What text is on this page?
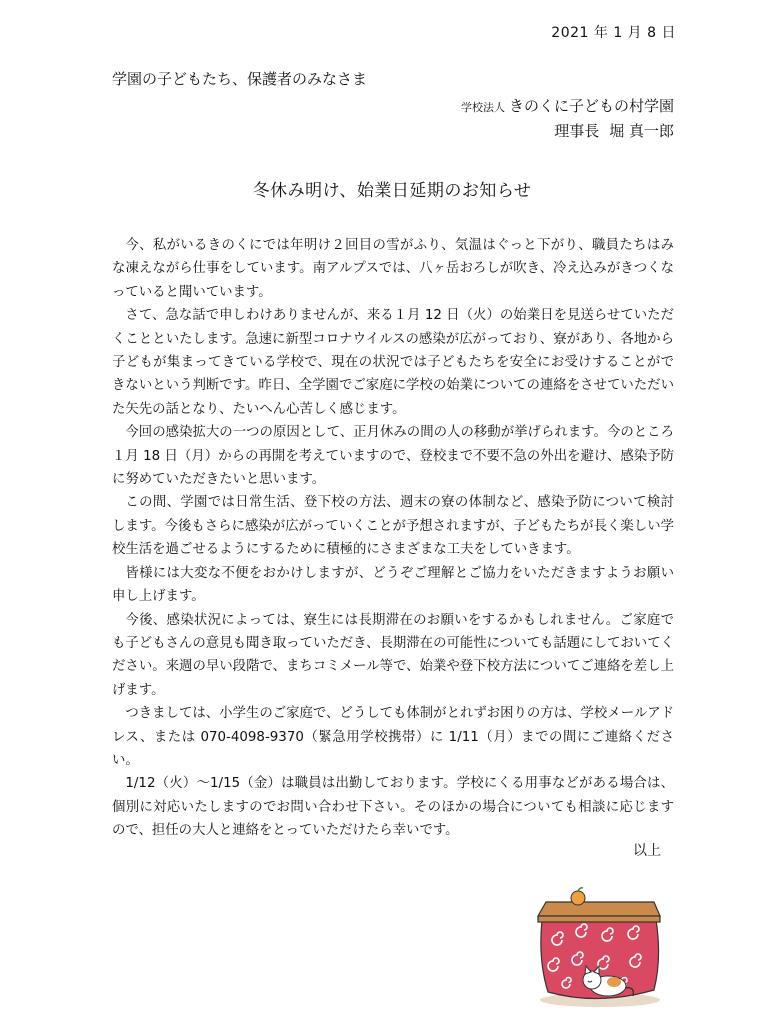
2021 年 1 月 8 日
学園の子どもたち、保護者のみなさま
学校法人 きのくに子どもの村学園
理事長 堀 真一郎
冬休み明け、始業日延期のお知らせ

今、私がいるきのくにでは年明け２回目の雪がふり、気温はぐっと下がり、職員たちはみな凍えながら仕事をしています。南アルプスでは、八ヶ岳おろしが吹き、冷え込みがきつくなっていると聞いています。

さて、急な話で申しわけありませんが、来る１月 12 日（火）の始業日を見送らせていただくことといたします。急速に新型コロナウイルスの感染が広がっており、寮があり、各地から子どもが集まってきている学校で、現在の状況では子どもたちを安全にお受けすることができないという判断です。昨日、全学園でご家庭に学校の始業についての連絡をさせていただいた矢先の話となり、たいへん心苦しく感じます。

今回の感染拡大の一つの原因として、正月休みの間の人の移動が挙げられます。今のところ１月 18 日（月）からの再開を考えていますので、登校まで不要不急の外出を避け、感染予防に努めていただきたいと思います。

この間、学園では日常生活、登下校の方法、週末の寮の体制など、感染予防について検討します。今後もさらに感染が広がっていくことが予想されますが、子どもたちが長く楽しい学校生活を過ごせるようにするために積極的にさまざまな工夫をしていきます。

皆様には大変な不便をおかけしますが、どうぞご理解とご協力をいただきますようお願い申し上げます。

今後、感染状況によっては、寮生には長期滞在のお願いをするかもしれません。ご家庭でも子どもさんの意見も聞き取っていただき、長期滞在の可能性についても話題にしておいてください。来週の早い段階で、まちコミメール等で、始業や登下校方法についてご連絡を差し上げます。

つきましては、小学生のご家庭で、どうしても体制がとれずお困りの方は、学校メールアドレス、または 070-4098-9370（緊急用学校携帯）に 1/11（月）までの間にご連絡ください。

1/12（火）〜1/15（金）は職員は出勤しております。学校にくる用事などがある場合は、個別に対応いたしますのでお問い合わせ下さい。そのほかの場合についても相談に応じますので、担任の大人と連絡をとっていただけたら幸いです。

以上
